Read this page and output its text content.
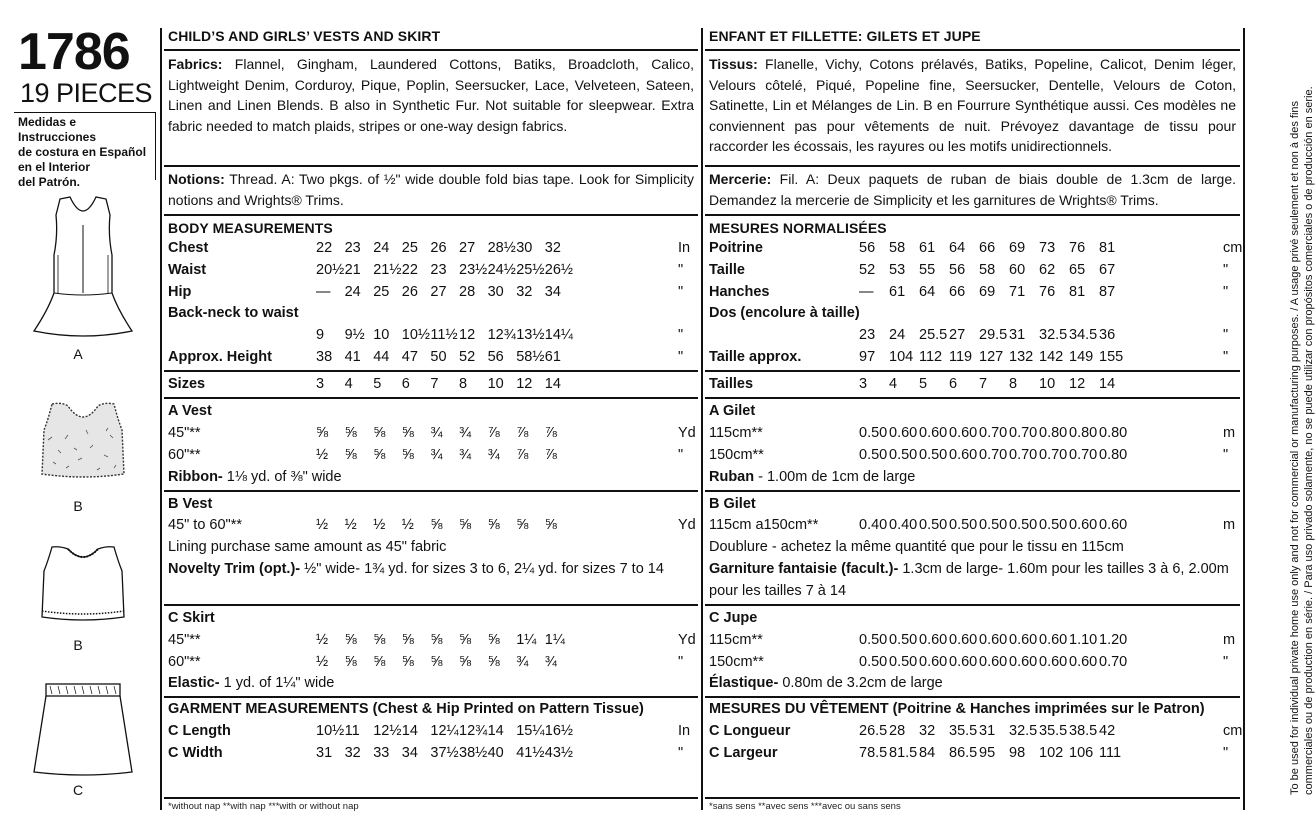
1786
19 PIECES
Medidas e Instrucciones
de costura en Español
en el Interior
del Patrón.
A
B
B
C
CHILD’S AND GIRLS’ VESTS AND SKIRT
Fabrics: Flannel, Gingham, Laundered Cottons, Batiks, Broadcloth, Calico, Lightweight Denim, Corduroy, Pique, Poplin, Seersucker, Lace, Velveteen, Sateen, Linen and Linen Blends. B also in Synthetic Fur. Not suitable for sleepwear. Extra fabric needed to match plaids, stripes or one-way design fabrics.
Notions: Thread. A: Two pkgs. of ½" wide double fold bias tape. Look for Simplicity notions and Wrights® Trims.
BODY MEASUREMENTS
Chest	22 23 24 25 26 27 28½ 30 32	In
Waist	20½ 21 21½ 22 23 23½ 24½ 25½ 26½	"
Hip	— 24 25 26 27 28 30 32 34	"
Back-neck to waist
9 9½ 10 10½ 11½ 12 12¾ 13½ 14¼	"
Approx. Height	38 41 44 47 50 52 56 58½ 61	"
Sizes	3 4 5 6 7 8 10 12 14
A Vest
45"**	⅝ ⅝ ⅝ ⅝ ¾ ¾ ⅞ ⅞ ⅞	Yd
60"**	½ ⅝ ⅝ ⅝ ¾ ¾ ¾ ⅞ ⅞	"
Ribbon- 1⅛ yd. of ⅜" wide
B Vest
45" to 60"**	½ ½ ½ ½ ⅝ ⅝ ⅝ ⅝ ⅝	Yd
Lining purchase same amount as 45" fabric
Novelty Trim (opt.)- ½" wide- 1¾ yd. for sizes 3 to 6, 2¼ yd. for sizes 7 to 14
C Skirt
45"**	½ ⅝ ⅝ ⅝ ⅝ ⅝ ⅝ 1¼ 1¼	Yd
60"**	½ ⅝ ⅝ ⅝ ⅝ ⅝ ⅝ ¾ ¾	"
Elastic- 1 yd. of 1¼" wide
GARMENT MEASUREMENTS (Chest & Hip Printed on Pattern Tissue)
C Length	10½ 11 12½ 14 12¼ 12¾ 14 15¼ 16½	In
C Width	31 32 33 34 37½ 38½ 40 41½ 43½	"
ENFANT ET FILLETTE: GILETS ET JUPE
Tissus: Flanelle, Vichy, Cotons prélavés, Batiks, Popeline, Calicot, Denim léger, Velours côtelé, Piqué, Popeline fine, Seersucker, Dentelle, Velours de Coton, Satinette, Lin et Mélanges de Lin. B en Fourrure Synthétique aussi. Ces modèles ne conviennent pas pour vêtements de nuit. Prévoyez davantage de tissu pour raccorder les écossais, les rayures ou les motifs unidirectionnels.
Mercerie: Fil. A: Deux paquets de ruban de biais double de 1.3cm de large. Demandez la mercerie de Simplicity et les garnitures de Wrights® Trims.
MESURES NORMALISÉES
Poitrine	56 58 61 64 66 69 73 76 81	cm
Taille	52 53 55 56 58 60 62 65 67	"
Hanches	— 61 64 66 69 71 76 81 87	"
Dos (encolure à taille)
23 24 25.5 27 29.5 31 32.5 34.5 36	"
Taille approx.	97 104 112 119 127 132 142 149 155	"
Tailles	3 4 5 6 7 8 10 12 14
A Gilet
115cm**	0.50 0.60 0.60 0.60 0.70 0.70 0.80 0.80 0.80	m
150cm**	0.50 0.50 0.50 0.60 0.70 0.70 0.70 0.70 0.80	"
Ruban - 1.00m de 1cm de large
B Gilet
115cm a150cm**	0.40 0.40 0.50 0.50 0.50 0.50 0.50 0.60 0.60	m
Doublure - achetez la même quantité que pour le tissu en 115cm
Garniture fantaisie (facult.)- 1.3cm de large- 1.60m pour les tailles 3 à 6, 2.00m
pour les tailles 7 à 14
C Jupe
115cm**	0.50 0.50 0.60 0.60 0.60 0.60 0.60 1.10 1.20	m
150cm**	0.50 0.50 0.60 0.60 0.60 0.60 0.60 0.60 0.70	"
Élastique- 0.80m de 3.2cm de large
MESURES DU VÊTEMENT (Poitrine & Hanches imprimées sur le Patron)
C Longueur	26.5 28 32 35.5 31 32.5 35.5 38.5 42	cm
C Largeur	78.5 81.5 84 86.5 95 98 102 106 111	"
*without nap **with nap ***with or without nap	*sans sens **avec sens ***avec ou sans sens
To be used for individual private home use only and not for commercial or manufacturing purposes. / A usage privé seulement et non à des fins commerciales ou de production en série. / Para uso privado solamente, no se puede utilizar con propósitos comerciales o de producción en serie.
